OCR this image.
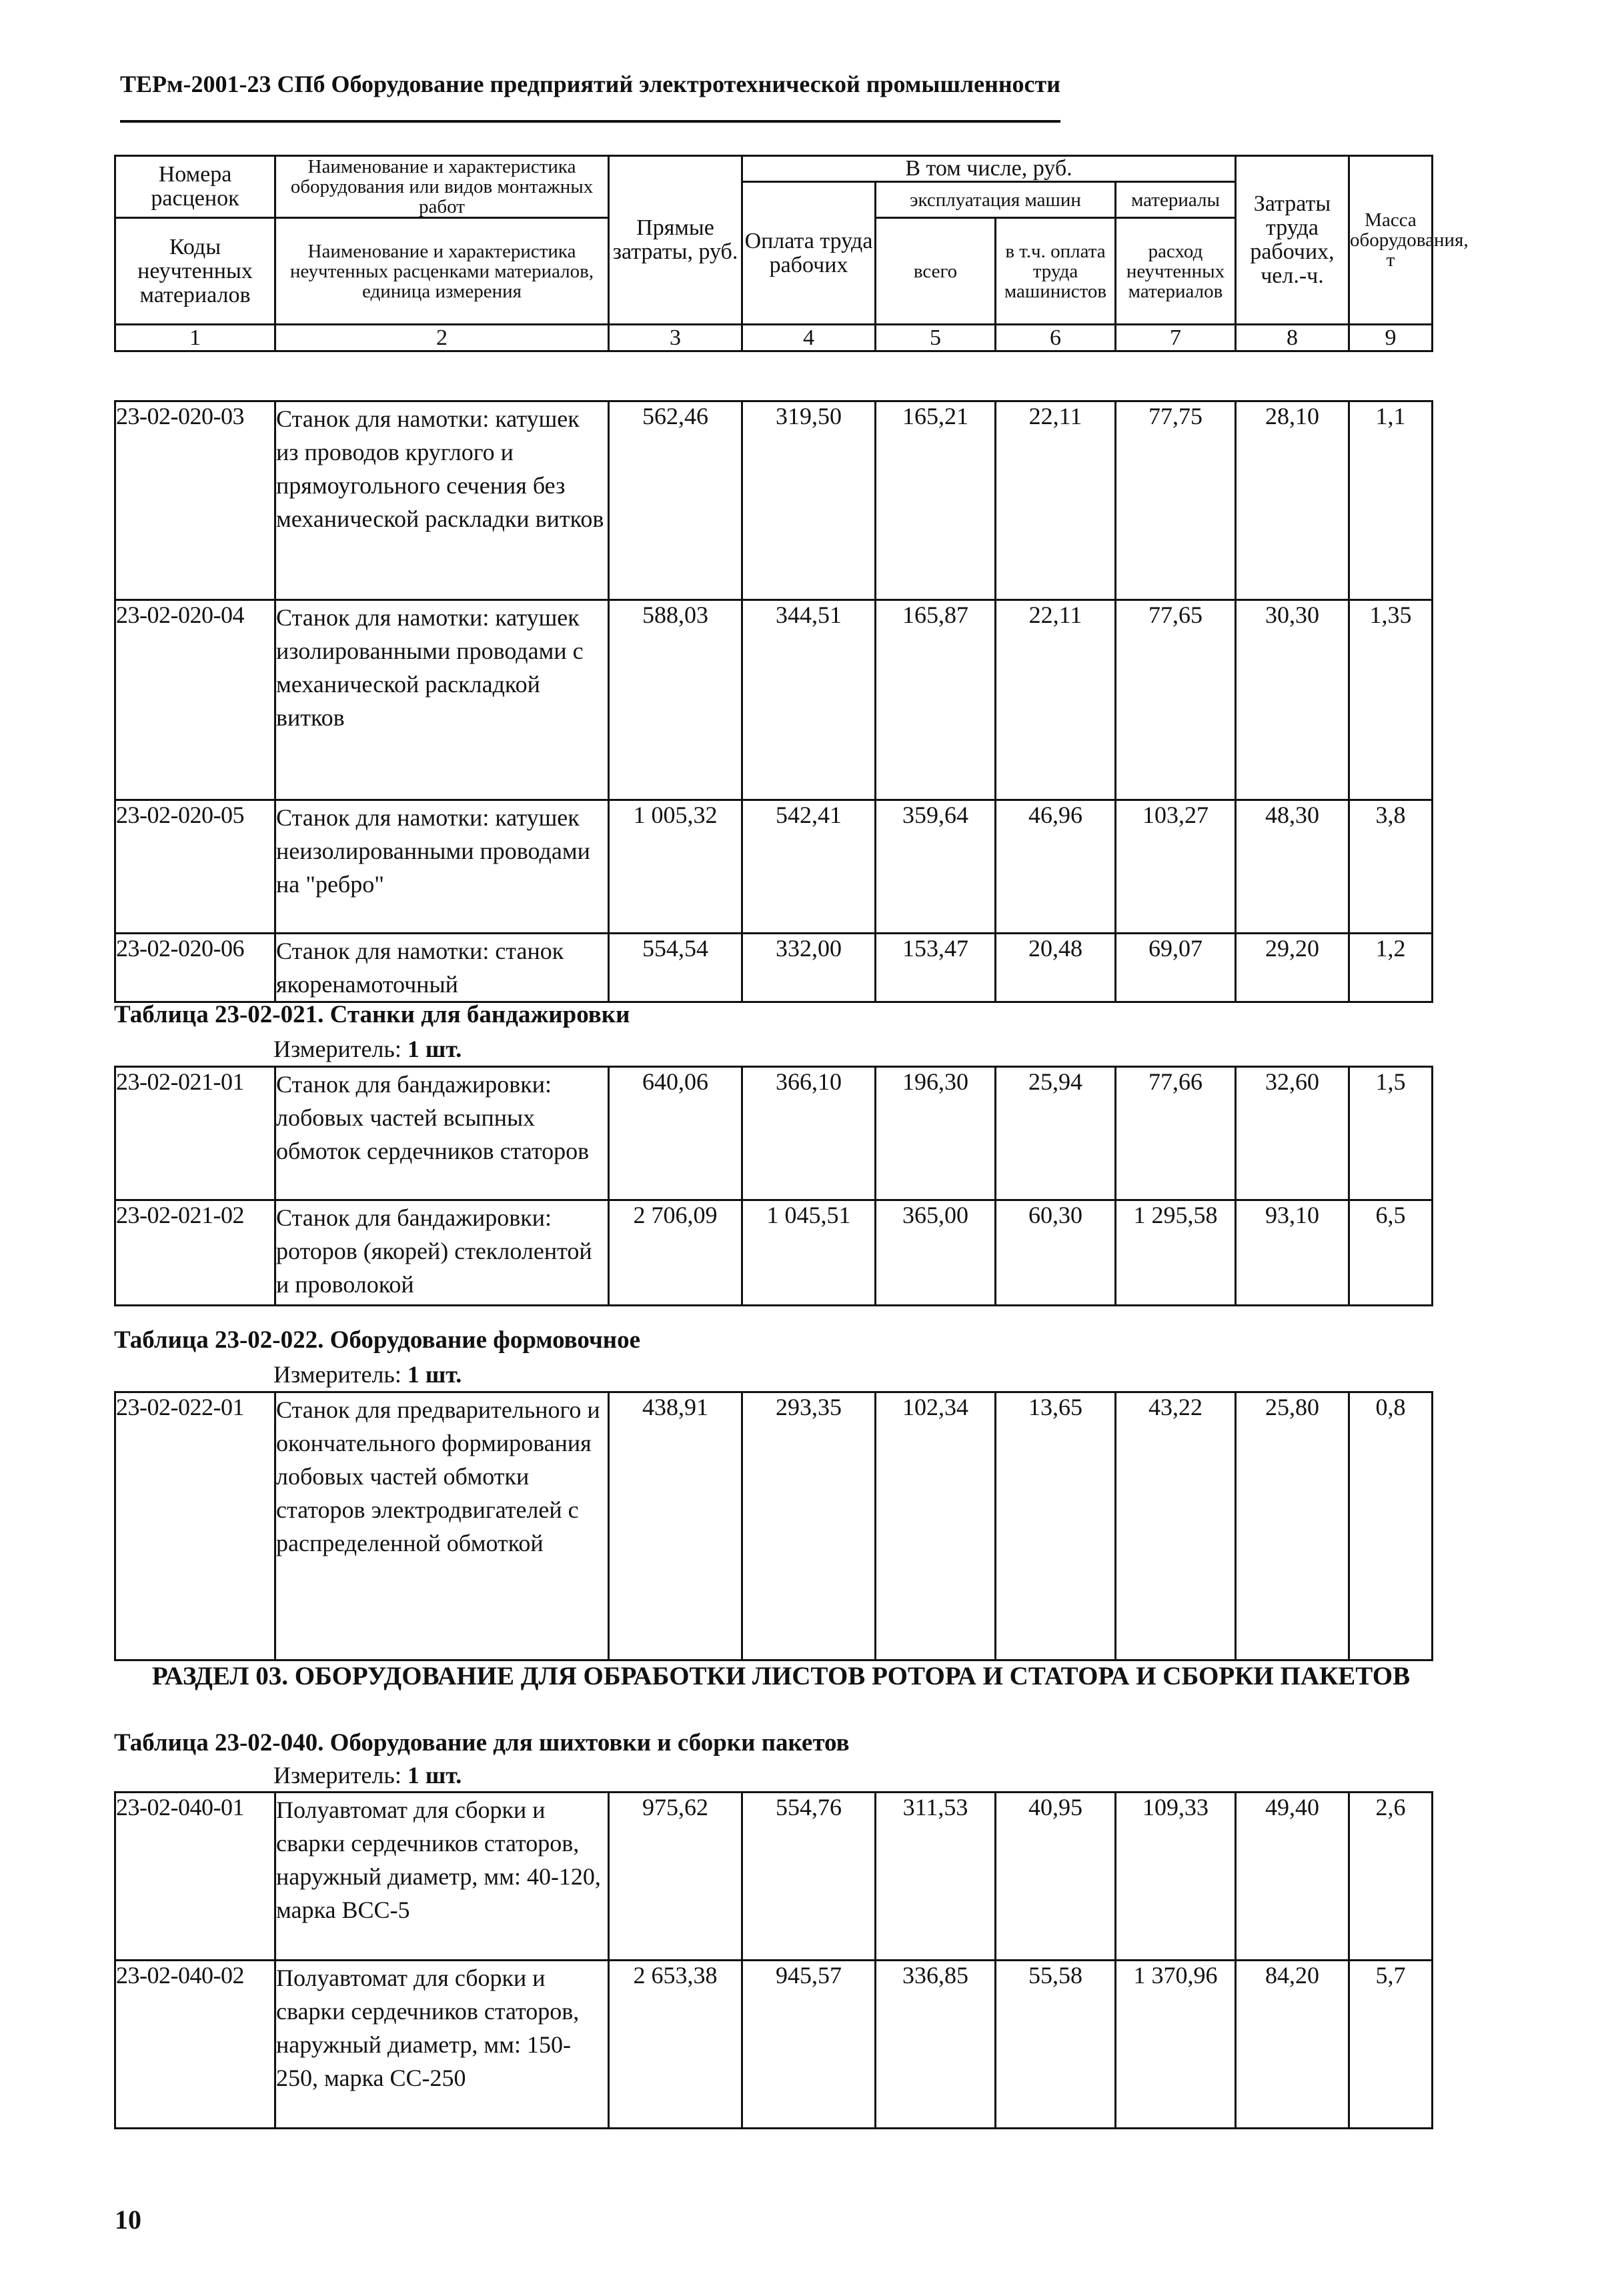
ТЕРм-2001-23 СПб Оборудование предприятий электротехнической промышленности
Номера расценок	Наименование и характеристика оборудования или видов монтажных работ	Прямые затраты, руб.	В том числе, руб.				Затраты труда рабочих, чел.-ч.	Масса оборудования, т
			Оплата труда рабочих	эксплуатация машин		материалы		
Коды неучтенных материалов	Наименование и характеристика неучтенных расценками материалов, единица измерения			всего	в т.ч. оплата труда машинистов	расход неучтенных материалов		

1	2	3	4	5	6	7	8	9
23-02-020-03	Станок для намотки: катушек из проводов круглого и прямоугольного сечения без механической раскладки витков	562,46	319,50	165,21	22,11	77,75	28,10	1,1
23-02-020-04	Станок для намотки: катушек изолированными проводами с механической раскладкой витков	588,03	344,51	165,87	22,11	77,65	30,30	1,35
23-02-020-05	Станок для намотки: катушек неизолированными проводами на "ребро"	1 005,32	542,41	359,64	46,96	103,27	48,30	3,8
23-02-020-06	Станок для намотки: станок якоренамоточный	554,54	332,00	153,47	20,48	69,07	29,20	1,2
Таблица 23-02-021. Станки для бандажировки
Измеритель: 1 шт.
23-02-021-01	Станок для бандажировки: лобовых частей всыпных обмоток сердечников статоров	640,06	366,10	196,30	25,94	77,66	32,60	1,5
23-02-021-02	Станок для бандажировки: роторов (якорей) стеклолентой и проволокой	2 706,09	1 045,51	365,00	60,30	1 295,58	93,10	6,5
Таблица 23-02-022. Оборудование формовочное
Измеритель: 1 шт.
23-02-022-01	Станок для предварительного и окончательного формирования лобовых частей обмотки статоров электродвигателей с распределенной обмоткой	438,91	293,35	102,34	13,65	43,22	25,80	0,8
РАЗДЕЛ 03. ОБОРУДОВАНИЕ ДЛЯ ОБРАБОТКИ ЛИСТОВ РОТОРА И СТАТОРА И СБОРКИ ПАКЕТОВ
Таблица 23-02-040. Оборудование для шихтовки и сборки пакетов
Измеритель: 1 шт.
23-02-040-01	Полуавтомат для сборки и сварки сердечников статоров, наружный диаметр, мм: 40-120, марка ВСС-5	975,62	554,76	311,53	40,95	109,33	49,40	2,6
23-02-040-02	Полуавтомат для сборки и сварки сердечников статоров, наружный диаметр, мм: 150-250, марка СС-250	2 653,38	945,57	336,85	55,58	1 370,96	84,20	5,7
10
